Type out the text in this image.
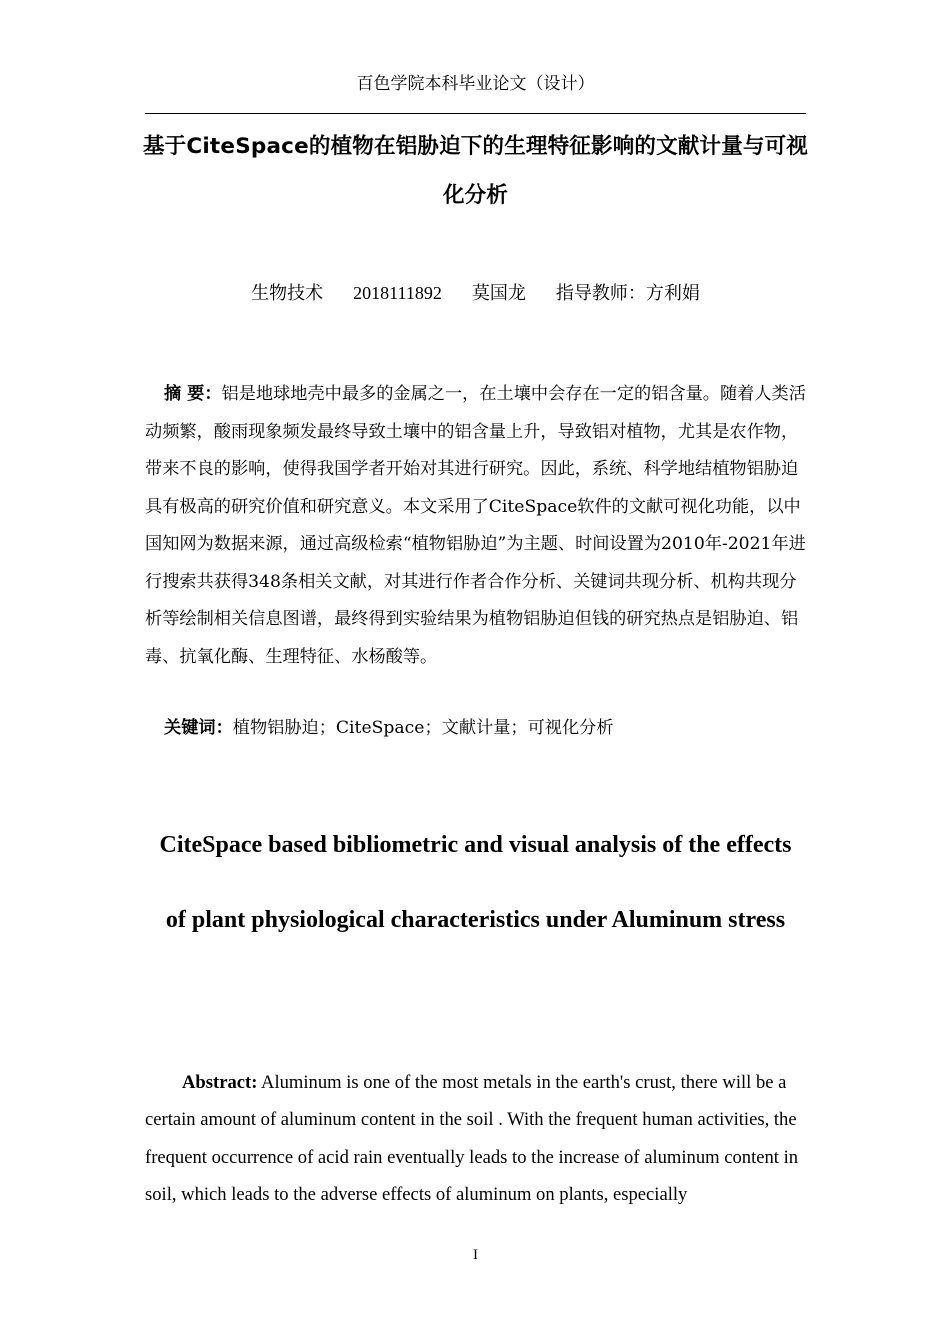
百色学院本科毕业论文（设计）
基于CiteSpace的植物在铝胁迫下的生理特征影响的文献计量与可视化分析
生物技术 2018111892 莫国龙 指导教师：方利娟
摘 要：铝是地球地壳中最多的金属之一，在土壤中会存在一定的铝含量。随着人类活动频繁，酸雨现象频发最终导致土壤中的铝含量上升，导致铝对植物，尤其是农作物，带来不良的影响，使得我国学者开始对其进行研究。因此，系统、科学地结植物铝胁迫具有极高的研究价值和研究意义。本文采用了CiteSpace软件的文献可视化功能，以中国知网为数据来源，通过高级检索“植物铝胁迫”为主题、时间设置为2010年-2021年进行搜索共获得348条相关文献，对其进行作者合作分析、关键词共现分析、机构共现分析等绘制相关信息图谱，最终得到实验结果为植物铝胁迫但钱的研究热点是铝胁迫、铝毒、抗氧化酶、生理特征、水杨酸等。
关键词：植物铝胁迫；CiteSpace；文献计量；可视化分析
CiteSpace based bibliometric and visual analysis of the effects of plant physiological characteristics under Aluminum stress
Abstract: Aluminum is one of the most metals in the earth's crust, there will be a certain amount of aluminum content in the soil . With the frequent human activities, the frequent occurrence of acid rain eventually leads to the increase of aluminum content in soil, which leads to the adverse effects of aluminum on plants, especially
I
